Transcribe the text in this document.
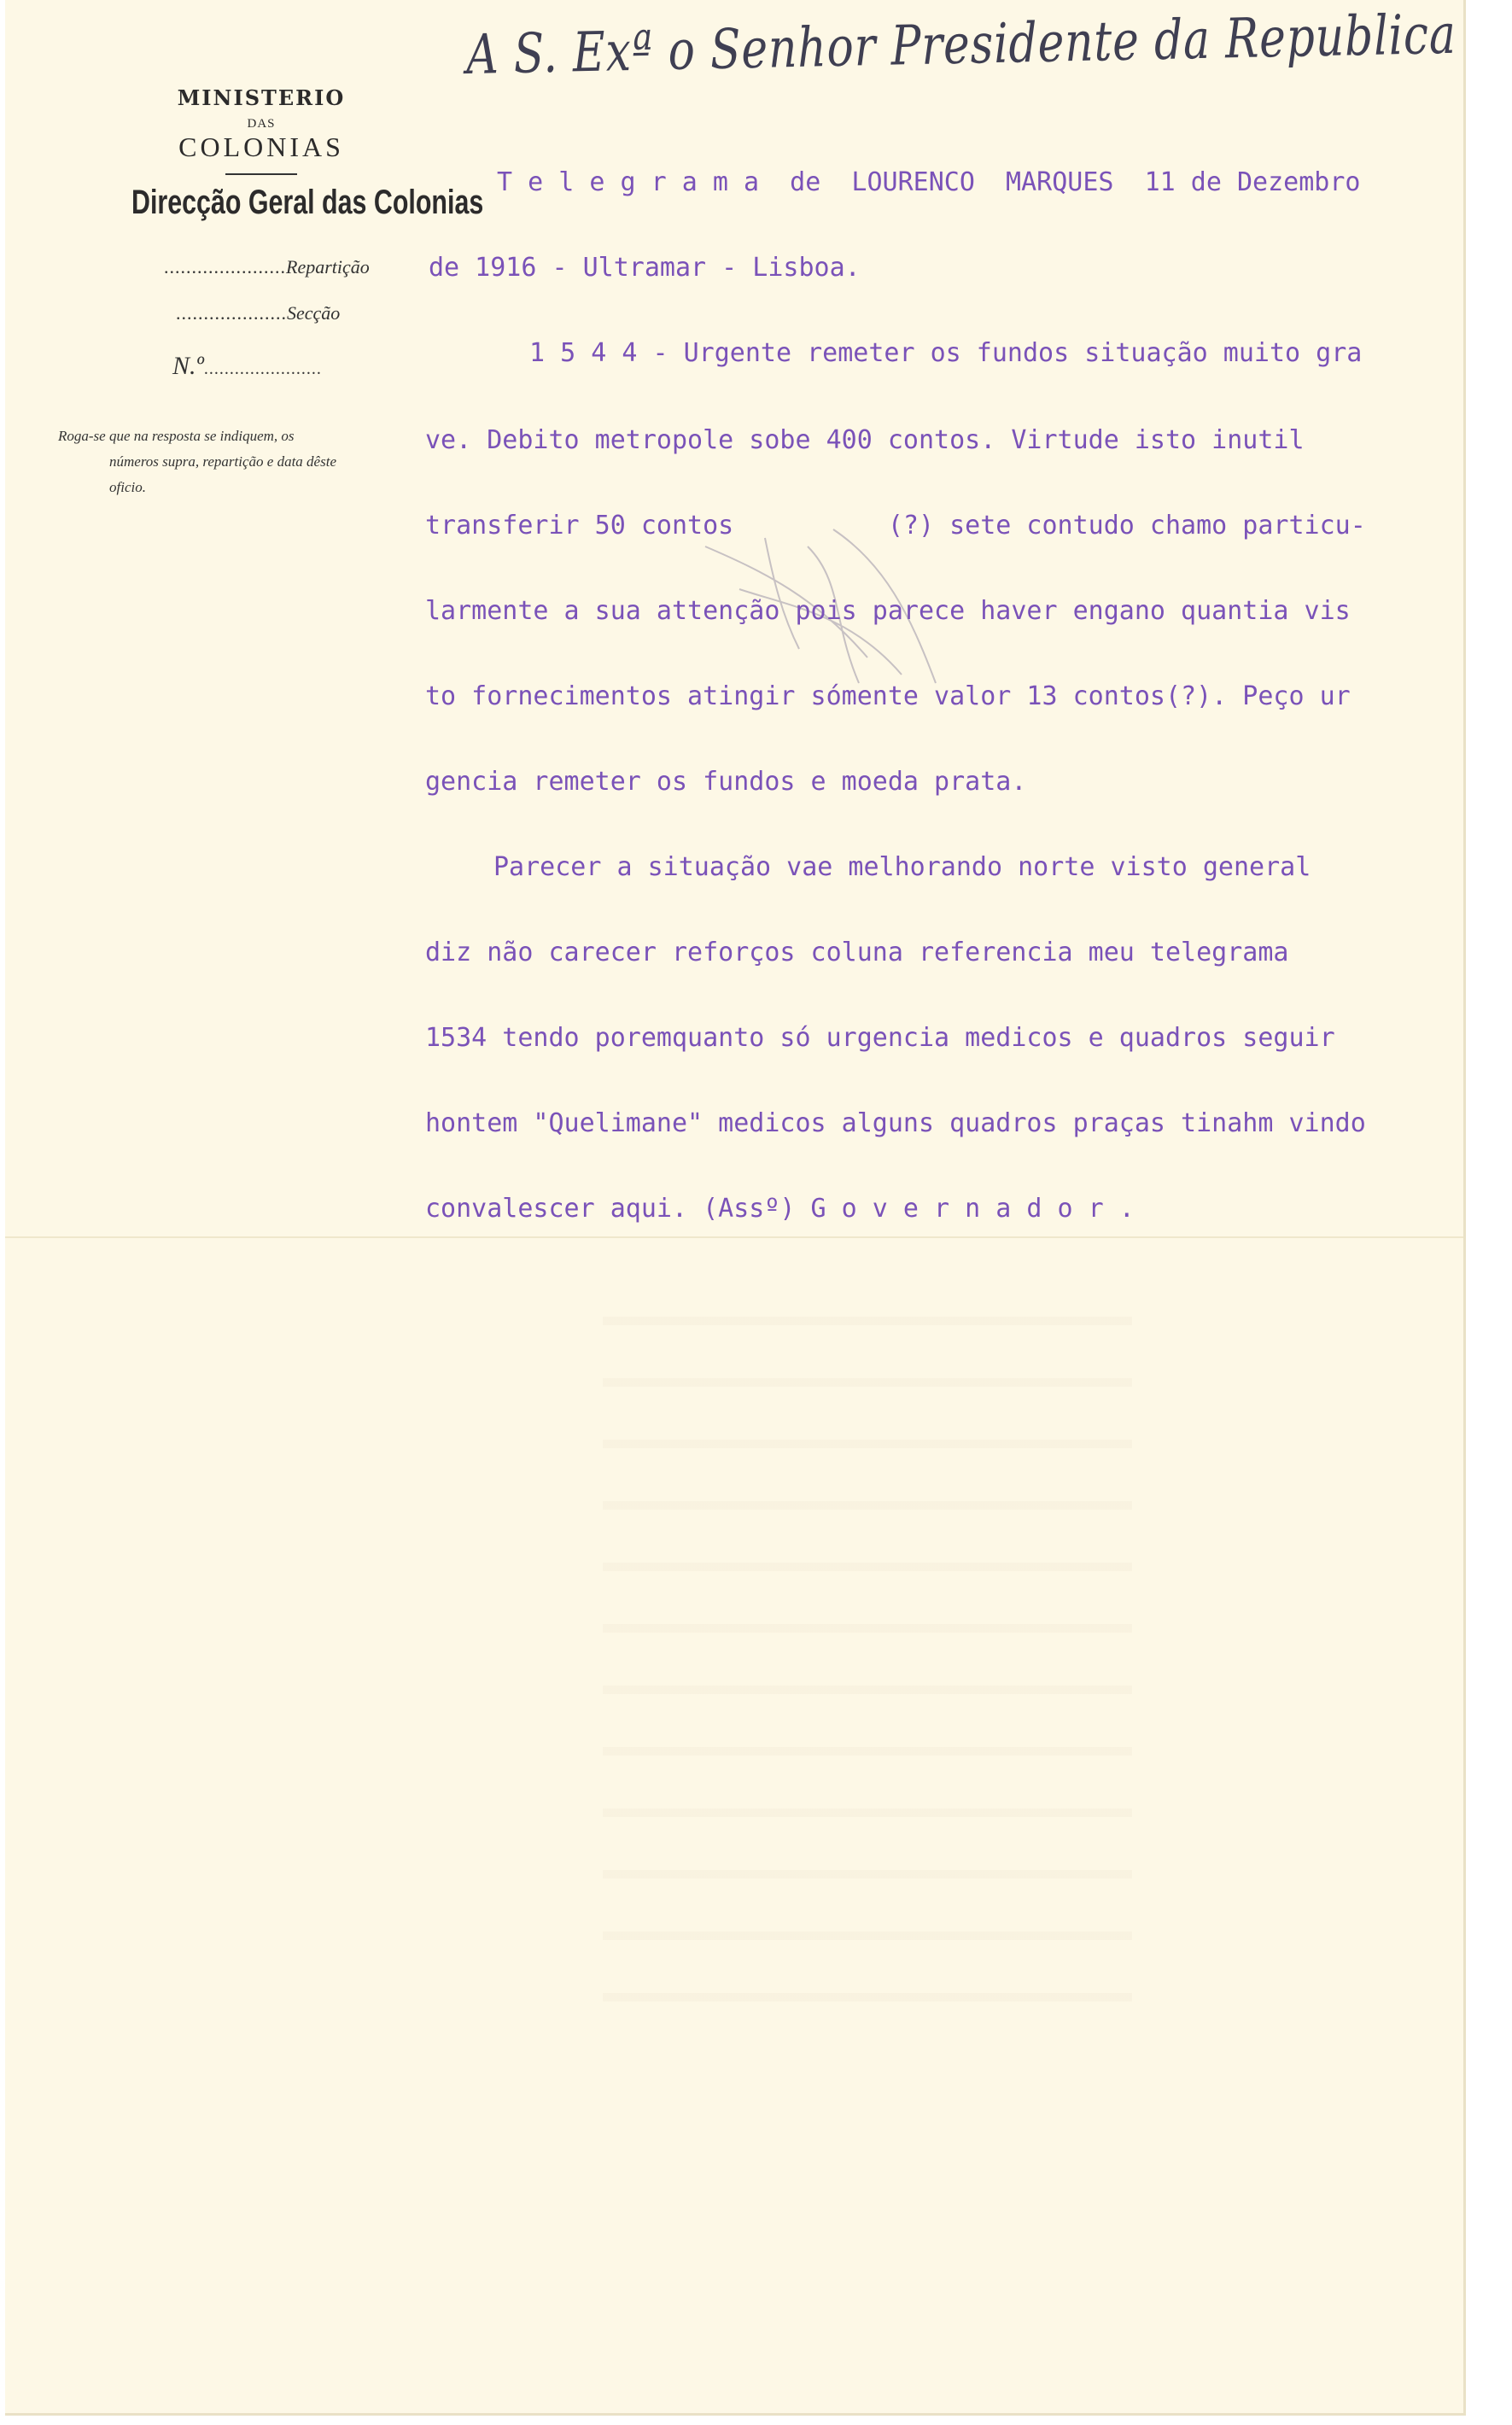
MINISTERIO
DAS
COLONIAS
Direcção Geral das Colonias
......................Repartição
....................Secção
N.º.......................
Roga-se que na resposta se indiquem, os
números supra, repartição e data dêste
oficio.
A S. Exª o Senhor Presidente da Republica
T e l e g r a m a  de  LOURENCO  MARQUES  11 de Dezembro
de 1916 - Ultramar - Lisboa.
1 5 4 4 - Urgente remeter os fundos situação muito gra
ve. Debito metropole sobe 400 contos. Virtude isto inutil
transferir 50 contos          (?) sete contudo chamo particu-
larmente a sua attenção pois parece haver engano quantia vis
to fornecimentos atingir sómente valor 13 contos(?). Peço ur
gencia remeter os fundos e moeda prata.
Parecer a situação vae melhorando norte visto general
diz não carecer reforços coluna referencia meu telegrama
1534 tendo poremquanto só urgencia medicos e quadros seguir
hontem "Quelimane" medicos alguns quadros praças tinahm vindo
convalescer aqui. (Assº) G o v e r n a d o r .
